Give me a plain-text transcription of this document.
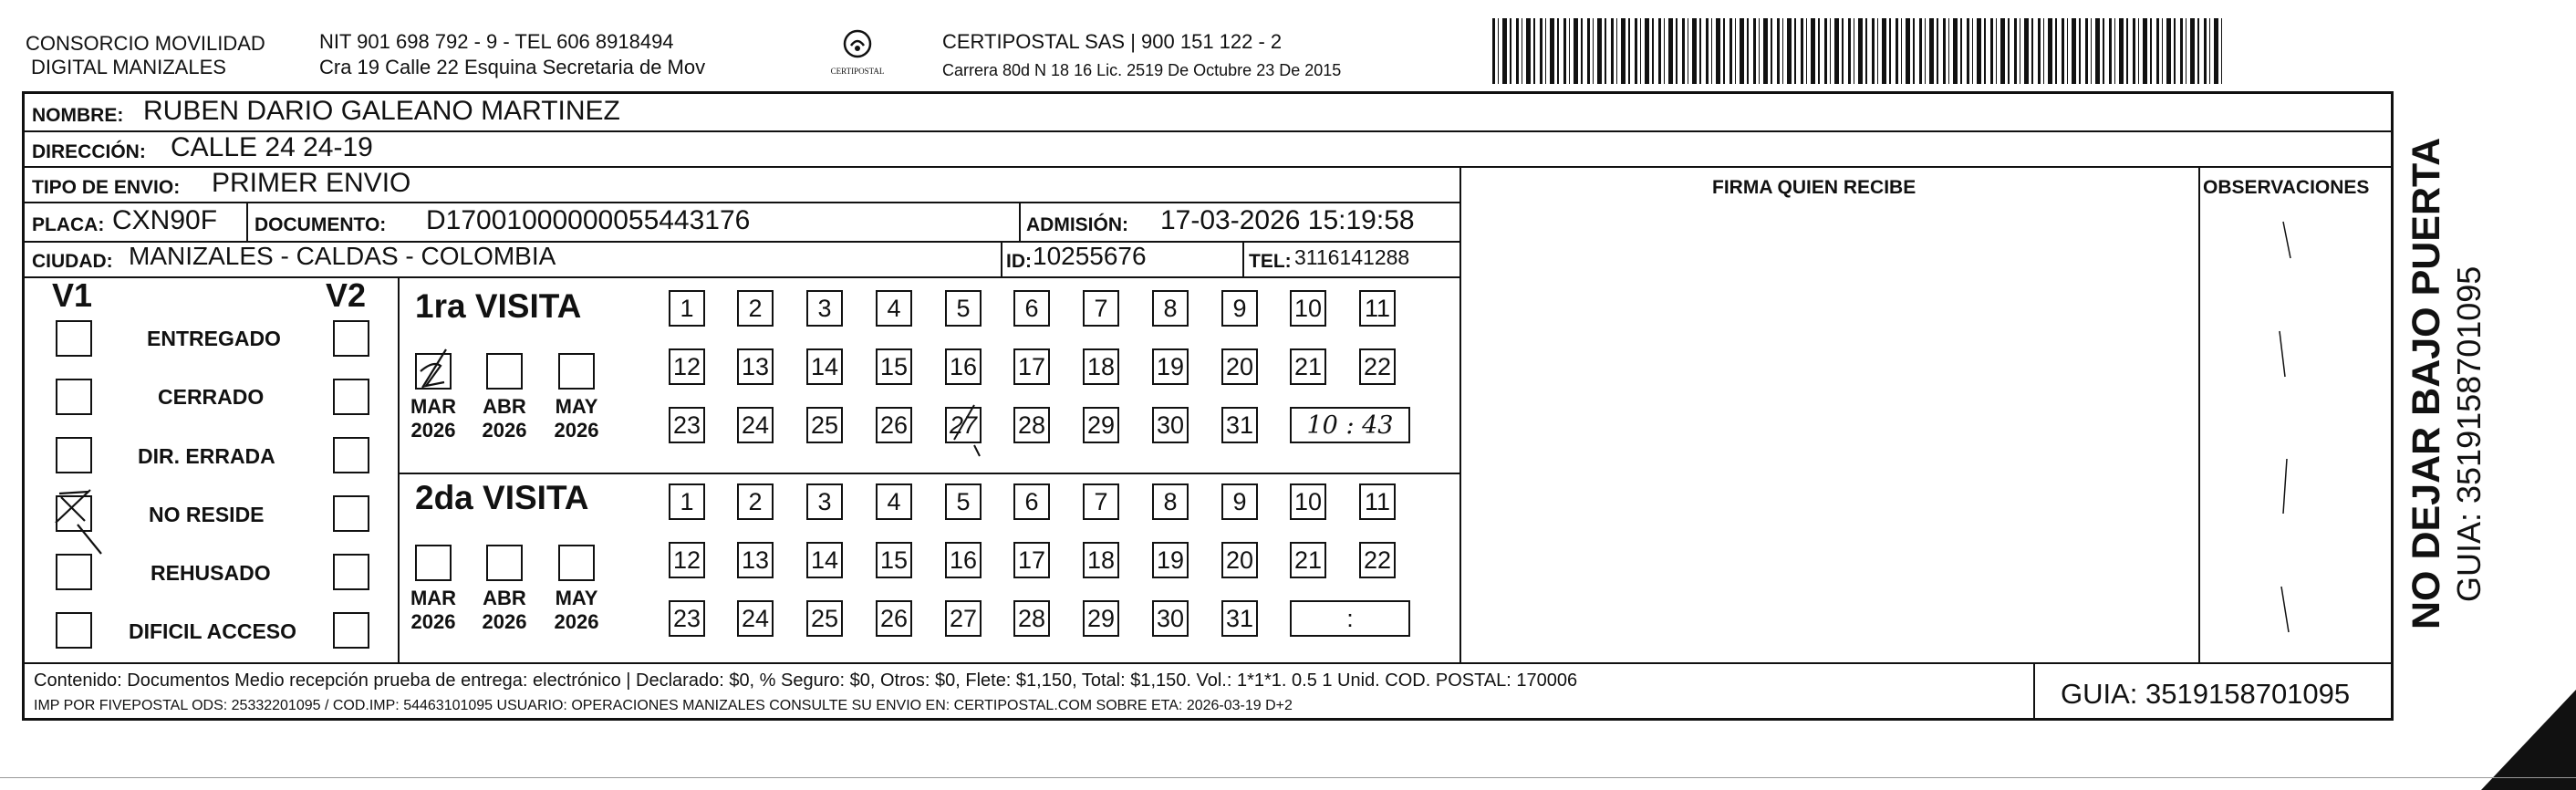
CONSORCIO MOVILIDAD
DIGITAL MANIZALES
NIT 901 698 792 - 9 - TEL 606 8918494
Cra 19 Calle 22 Esquina Secretaria de Mov	CERTIPOSTAL
CERTIPOSTAL SAS | 900 151 122 - 2
Carrera 80d N 18 16 Lic. 2519 De Octubre 23 De 2015
NOMBRE: RUBEN DARIO GALEANO MARTINEZ
DIRECCIÓN: CALLE 24 24-19
TIPO DE ENVIO: PRIMER ENVIO	FIRMA QUIEN RECIBE	OBSERVACIONES
PLACA: CXN90F DOCUMENTO: D17001000000055443176	ADMISIÓN: 17-03-2026 15:19:58
CIUDAD: MANIZALES - CALDAS - COLOMBIA	ID: 10255676	TEL: 3116141288
V1	V2
ENTREGADO
CERRADO
DIR. ERRADA
NO RESIDE
REHUSADO
DIFICIL ACCESO
1ra VISITA
MAR
2026
ABR
2026
MAY
2026
1	2	3	4	5	6	7	8	9	10 11
12 13 14 15 16 17 18 19 20 21 22
23 24 25 26 27 28 29 30 31	10 : 43
2da VISITA
MAR
2026
ABR
2026
MAY
2026
1	2	3	4	5	6	7	8	9	10 11
12 13 14 15 16 17 18 19 20 21 22
23 24 25 26 27 28 29 30 31	:
Contenido: Documentos Medio recepción prueba de entrega: electrónico | Declarado: $0, % Seguro: $0, Otros: $0, Flete: $1,150, Total: $1,150. Vol.: 1*1*1. 0.5 1 Unid. COD. POSTAL: 170006
IMP POR FIVEPOSTAL ODS: 25332201095 / COD.IMP: 54463101095 USUARIO: OPERACIONES MANIZALES CONSULTE SU ENVIO EN: CERTIPOSTAL.COM SOBRE ETA: 2026-03-19 D+2	GUIA: 3519158701095
NO DEJAR BAJO PUERTA GUIA: 3519158701095
